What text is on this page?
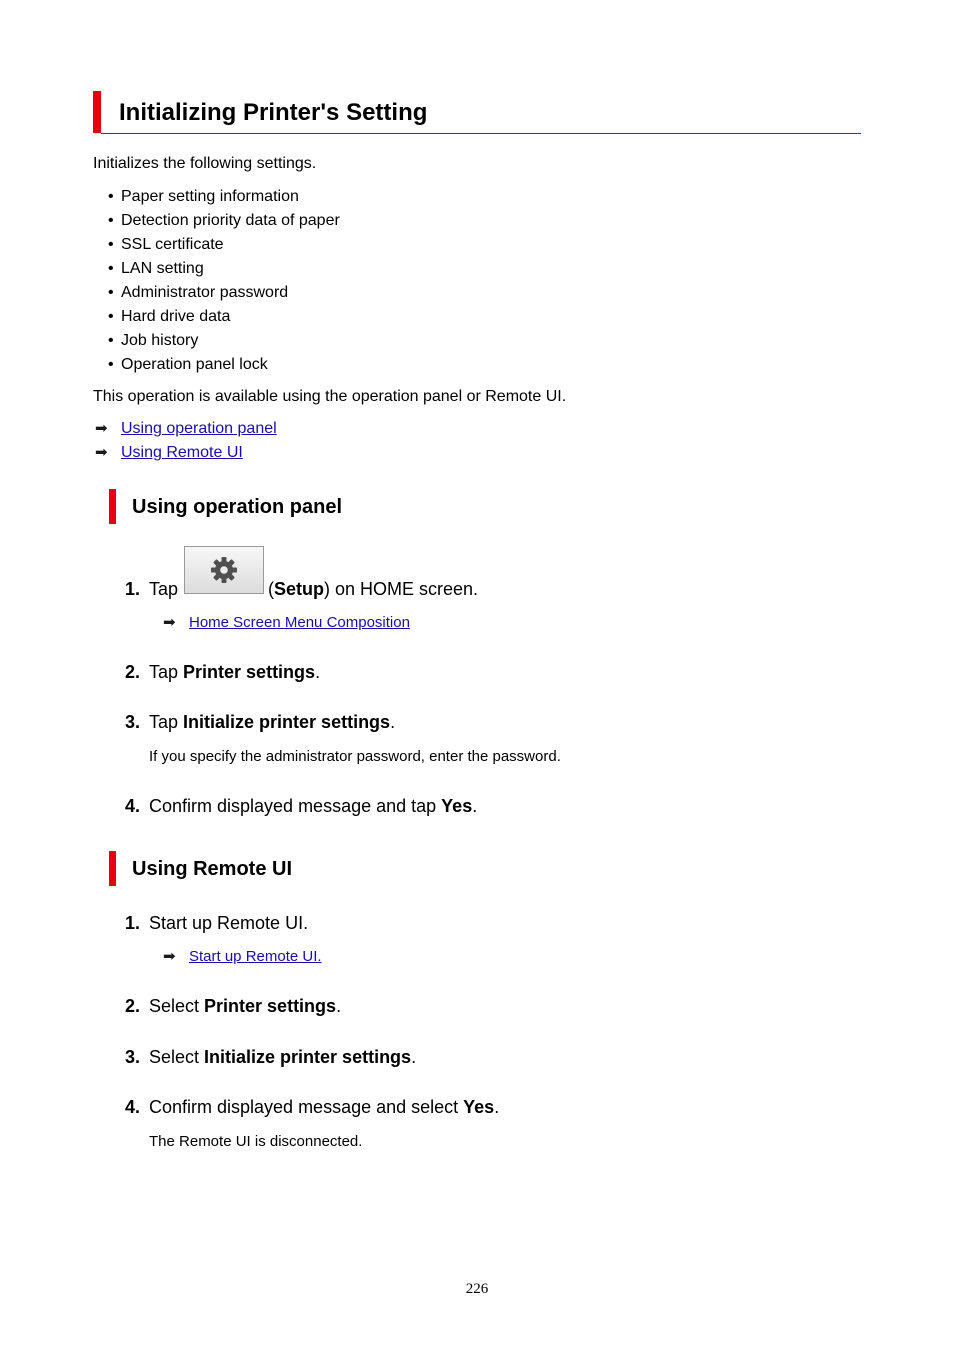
Initializing Printer's Setting
Initializes the following settings.
• Paper setting information
• Detection priority data of paper
• SSL certificate
• LAN setting
• Administrator password
• Hard drive data
• Job history
• Operation panel lock
This operation is available using the operation panel or Remote UI.
➡ Using operation panel
➡ Using Remote UI
Using operation panel
1. Tap	(Setup) on HOME screen.
➡ Home Screen Menu Composition
2. Tap Printer settings.
3. Tap Initialize printer settings.
If you specify the administrator password, enter the password.
4. Confirm displayed message and tap Yes.
Using Remote UI
1. Start up Remote UI.
➡ Start up Remote UI.
2. Select Printer settings.
3. Select Initialize printer settings.
4. Confirm displayed message and select Yes.
The Remote UI is disconnected.
226
